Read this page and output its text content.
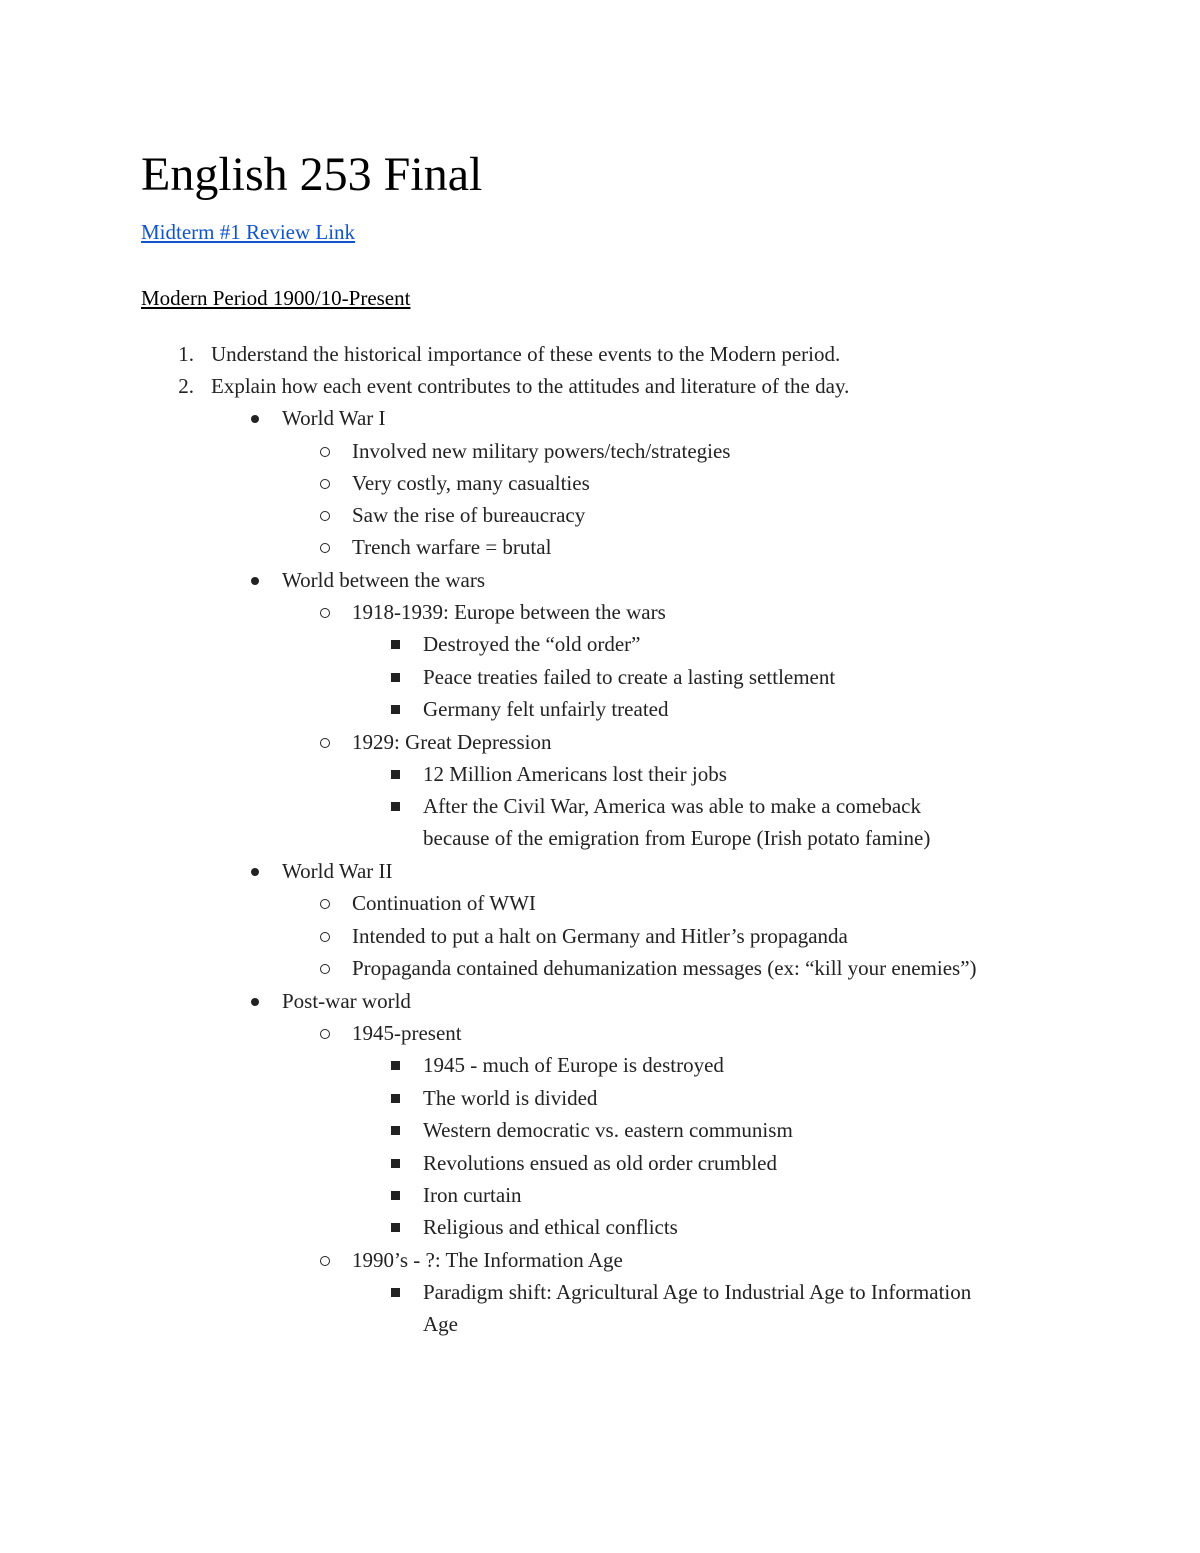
English 253 Final
Midterm #1 Review Link
Modern Period 1900/10-Present
1. Understand the historical importance of these events to the Modern period.
2. Explain how each event contributes to the attitudes and literature of the day.
World War I
Involved new military powers/tech/strategies
Very costly, many casualties
Saw the rise of bureaucracy
Trench warfare = brutal
World between the wars
1918-1939: Europe between the wars
Destroyed the “old order”
Peace treaties failed to create a lasting settlement
Germany felt unfairly treated
1929: Great Depression
12 Million Americans lost their jobs
After the Civil War, America was able to make a comeback
because of the emigration from Europe (Irish potato famine)
World War II
Continuation of WWI
Intended to put a halt on Germany and Hitler’s propaganda
Propaganda contained dehumanization messages (ex: “kill your enemies”)
Post-war world
1945-present
1945 - much of Europe is destroyed
The world is divided
Western democratic vs. eastern communism
Revolutions ensued as old order crumbled
Iron curtain
Religious and ethical conflicts
1990’s - ?: The Information Age
Paradigm shift: Agricultural Age to Industrial Age to Information
Age
